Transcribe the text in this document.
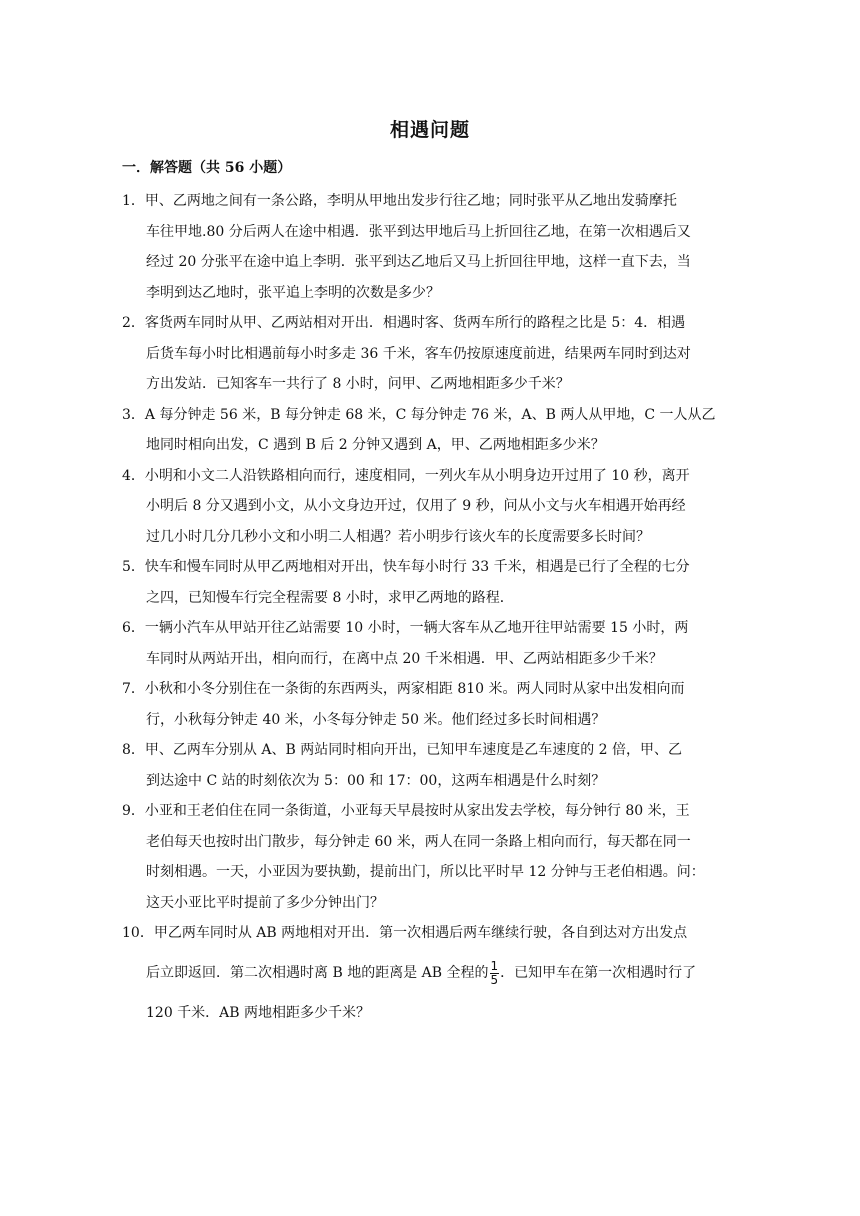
相遇问题
一．解答题（共 56 小题）
1．甲、乙两地之间有一条公路，李明从甲地出发步行往乙地；同时张平从乙地出发骑摩托
车往甲地.80 分后两人在途中相遇．张平到达甲地后马上折回往乙地，在第一次相遇后又
经过 20 分张平在途中追上李明．张平到达乙地后又马上折回往甲地，这样一直下去，当
李明到达乙地时，张平追上李明的次数是多少？
2．客货两车同时从甲、乙两站相对开出．相遇时客、货两车所行的路程之比是 5：4．相遇
后货车每小时比相遇前每小时多走 36 千米，客车仍按原速度前进，结果两车同时到达对
方出发站．已知客车一共行了 8 小时，问甲、乙两地相距多少千米？
3．A 每分钟走 56 米，B 每分钟走 68 米，C 每分钟走 76 米，A、B 两人从甲地，C 一人从乙
地同时相向出发，C 遇到 B 后 2 分钟又遇到 A，甲、乙两地相距多少米？
4．小明和小文二人沿铁路相向而行，速度相同，一列火车从小明身边开过用了 10 秒，离开
小明后 8 分又遇到小文，从小文身边开过，仅用了 9 秒，问从小文与火车相遇开始再经
过几小时几分几秒小文和小明二人相遇？若小明步行该火车的长度需要多长时间？
5．快车和慢车同时从甲乙两地相对开出，快车每小时行 33 千米，相遇是已行了全程的七分
之四，已知慢车行完全程需要 8 小时，求甲乙两地的路程．
6．一辆小汽车从甲站开往乙站需要 10 小时，一辆大客车从乙地开往甲站需要 15 小时，两
车同时从两站开出，相向而行，在离中点 20 千米相遇．甲、乙两站相距多少千米？
7．小秋和小冬分别住在一条街的东西两头，两家相距 810 米。两人同时从家中出发相向而
行，小秋每分钟走 40 米，小冬每分钟走 50 米。他们经过多长时间相遇？
8．甲、乙两车分别从 A、B 两站同时相向开出，已知甲车速度是乙车速度的 2 倍，甲、乙
到达途中 C 站的时刻依次为 5：00 和 17：00，这两车相遇是什么时刻？
9．小亚和王老伯住在同一条街道，小亚每天早晨按时从家出发去学校，每分钟行 80 米，王
老伯每天也按时出门散步，每分钟走 60 米，两人在同一条路上相向而行，每天都在同一
时刻相遇。一天，小亚因为要执勤，提前出门，所以比平时早 12 分钟与王老伯相遇。问：
这天小亚比平时提前了多少分钟出门？
10．甲乙两车同时从 AB 两地相对开出．第一次相遇后两车继续行驶，各自到达对方出发点
后立即返回．第二次相遇时离 B 地的距离是 AB 全程的 $\frac{1}{5}$ ．已知甲车在第一次相遇时行了
120 千米．AB 两地相距多少千米？
